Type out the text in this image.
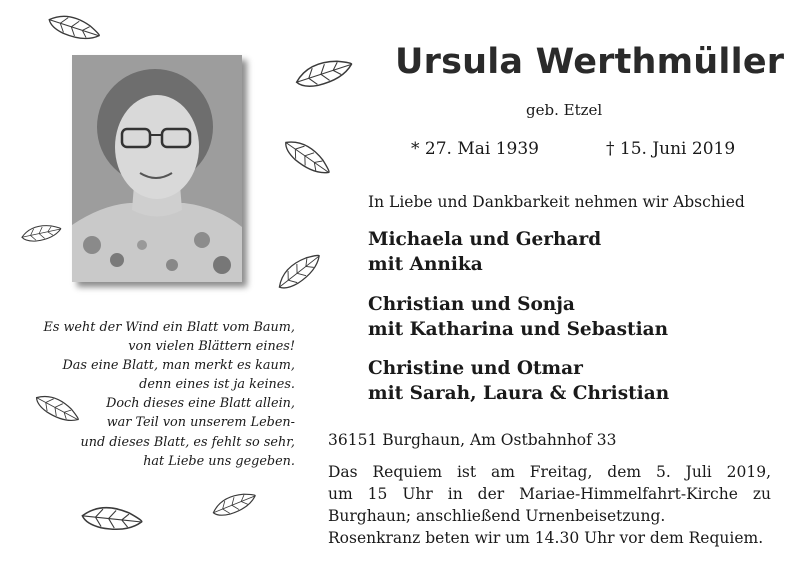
Ursula Werthmüller
geb. Etzel
* 27. Mai 1939	† 15. Juni 2019
In Liebe und Dankbarkeit nehmen wir Abschied
Michaela und Gerhard
mit Annika
Christian und Sonja
mit Katharina und Sebastian
Christine und Otmar
mit Sarah, Laura & Christian
Es weht der Wind ein Blatt vom Baum,
von vielen Blättern eines!
Das eine Blatt, man merkt es kaum,
denn eines ist ja keines.
Doch dieses eine Blatt allein,
war Teil von unserem Leben-
und dieses Blatt, es fehlt so sehr,
hat Liebe uns gegeben.
36151 Burghaun, Am Ostbahnhof 33
Das Requiem ist am Freitag, dem 5. Juli 2019,
um 15 Uhr in der Mariae-Himmelfahrt-Kirche zu
Burghaun; anschließend Urnenbeisetzung.
Rosenkranz beten wir um 14.30 Uhr vor dem Requiem.
